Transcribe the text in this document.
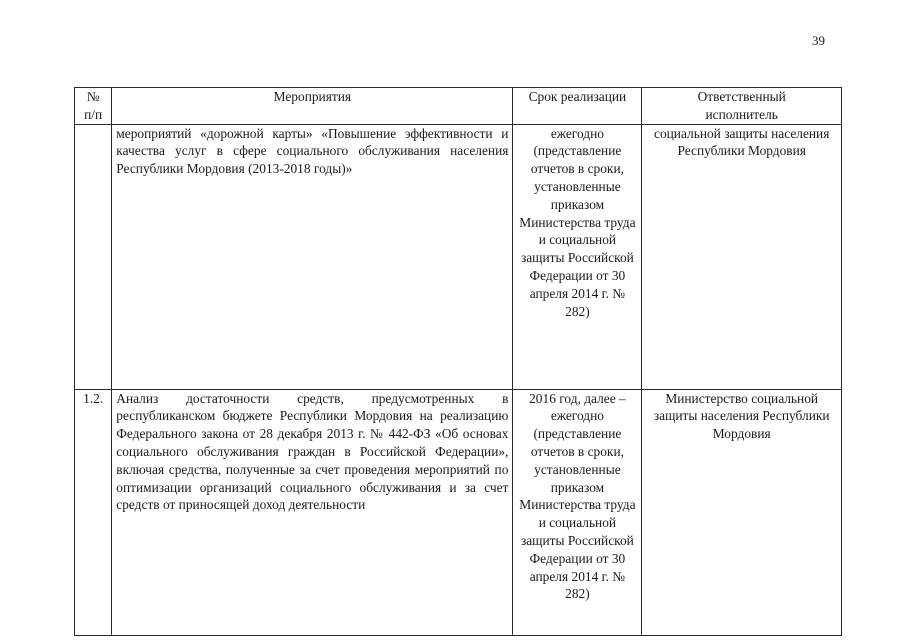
39
№
п/п	Мероприятия	Срок реализации	Ответственный
исполнитель

	мероприятий «дорожной карты» «Повышение эффективности и качества услуг в сфере социального обслуживания населения Республики Мордовия (2013-2018 годы)»	ежегодно (представление отчетов в сроки, установленные приказом Министерства труда и социальной защиты Российской Федерации от 30 апреля 2014 г. № 282)	социальной защиты населения Республики Мордовия
1.2.	Анализ достаточности средств, предусмотренных в республиканском бюджете Республики Мордовия на реализацию Федерального закона от 28 декабря 2013 г. № 442-ФЗ «Об основах социального обслуживания граждан в Российской Федерации», включая средства, полученные за счет проведения мероприятий по оптимизации организаций социального обслуживания и за счет средств от приносящей доход деятельности	2016 год, далее – ежегодно (представление отчетов в сроки, установленные приказом Министерства труда и социальной защиты Российской Федерации от 30 апреля 2014 г. № 282)	Министерство социальной защиты населения Республики Мордовия
